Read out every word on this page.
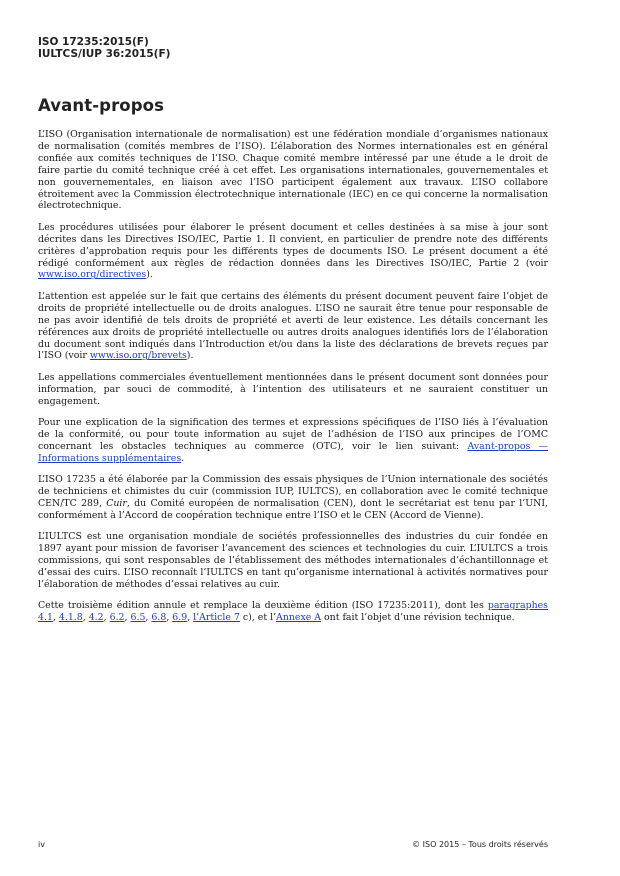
ISO 17235:2015(F)
IULTCS/IUP 36:2015(F)
Avant-propos

L’ISO (Organisation internationale de normalisation) est une fédération mondiale d’organismes nationaux de normalisation (comités membres de l’ISO). L’élaboration des Normes internationales est en général confiée aux comités techniques de l’ISO. Chaque comité membre intéressé par une étude a le droit de faire partie du comité technique créé à cet effet. Les organisations internationales, gouvernementales et non gouvernementales, en liaison avec l’ISO participent également aux travaux. L’ISO collabore étroitement avec la Commission électrotechnique internationale (IEC) en ce qui concerne la normalisation électrotechnique.

Les procédures utilisées pour élaborer le présent document et celles destinées à sa mise à jour sont décrites dans les Directives ISO/IEC, Partie 1. Il convient, en particulier de prendre note des différents critères d’approbation requis pour les différents types de documents ISO. Le présent document a été rédigé conformément aux règles de rédaction données dans les Directives ISO/IEC, Partie 2 (voir www.iso.org/directives).

L’attention est appelée sur le fait que certains des éléments du présent document peuvent faire l’objet de droits de propriété intellectuelle ou de droits analogues. L’ISO ne saurait être tenue pour responsable de ne pas avoir identifié de tels droits de propriété et averti de leur existence. Les détails concernant les références aux droits de propriété intellectuelle ou autres droits analogues identifiés lors de l’élaboration du document sont indiqués dans l’Introduction et/ou dans la liste des déclarations de brevets reçues par l’ISO (voir www.iso.org/brevets).

Les appellations commerciales éventuellement mentionnées dans le présent document sont données pour information, par souci de commodité, à l’intention des utilisateurs et ne sauraient constituer un engagement.

Pour une explication de la signification des termes et expressions spécifiques de l’ISO liés à l’évaluation de la conformité, ou pour toute information au sujet de l’adhésion de l’ISO aux principes de l’OMC concernant les obstacles techniques au commerce (OTC), voir le lien suivant: Avant-propos — Informations supplémentaires.

L’ISO 17235 a été élaborée par la Commission des essais physiques de l’Union internationale des sociétés de techniciens et chimistes du cuir (commission IUP, IULTCS), en collaboration avec le comité technique CEN/TC 289, Cuir, du Comité européen de normalisation (CEN), dont le secrétariat est tenu par l’UNI, conformément à l’Accord de coopération technique entre l’ISO et le CEN (Accord de Vienne).

L’IULTCS est une organisation mondiale de sociétés professionnelles des industries du cuir fondée en 1897 ayant pour mission de favoriser l’avancement des sciences et technologies du cuir. L’IULTCS a trois commissions, qui sont responsables de l’établissement des méthodes internationales d’échantillonnage et d’essai des cuirs. L’ISO reconnaît l’IULTCS en tant qu’organisme international à activités normatives pour l’élaboration de méthodes d’essai relatives au cuir.

Cette troisième édition annule et remplace la deuxième édition (ISO 17235:2011), dont les paragraphes 4.1, 4.1.8, 4.2, 6.2, 6.5, 6.8, 6.9, l’Article 7 c), et l’Annexe A ont fait l’objet d’une révision technique.

iv	© ISO 2015 – Tous droits réservés
